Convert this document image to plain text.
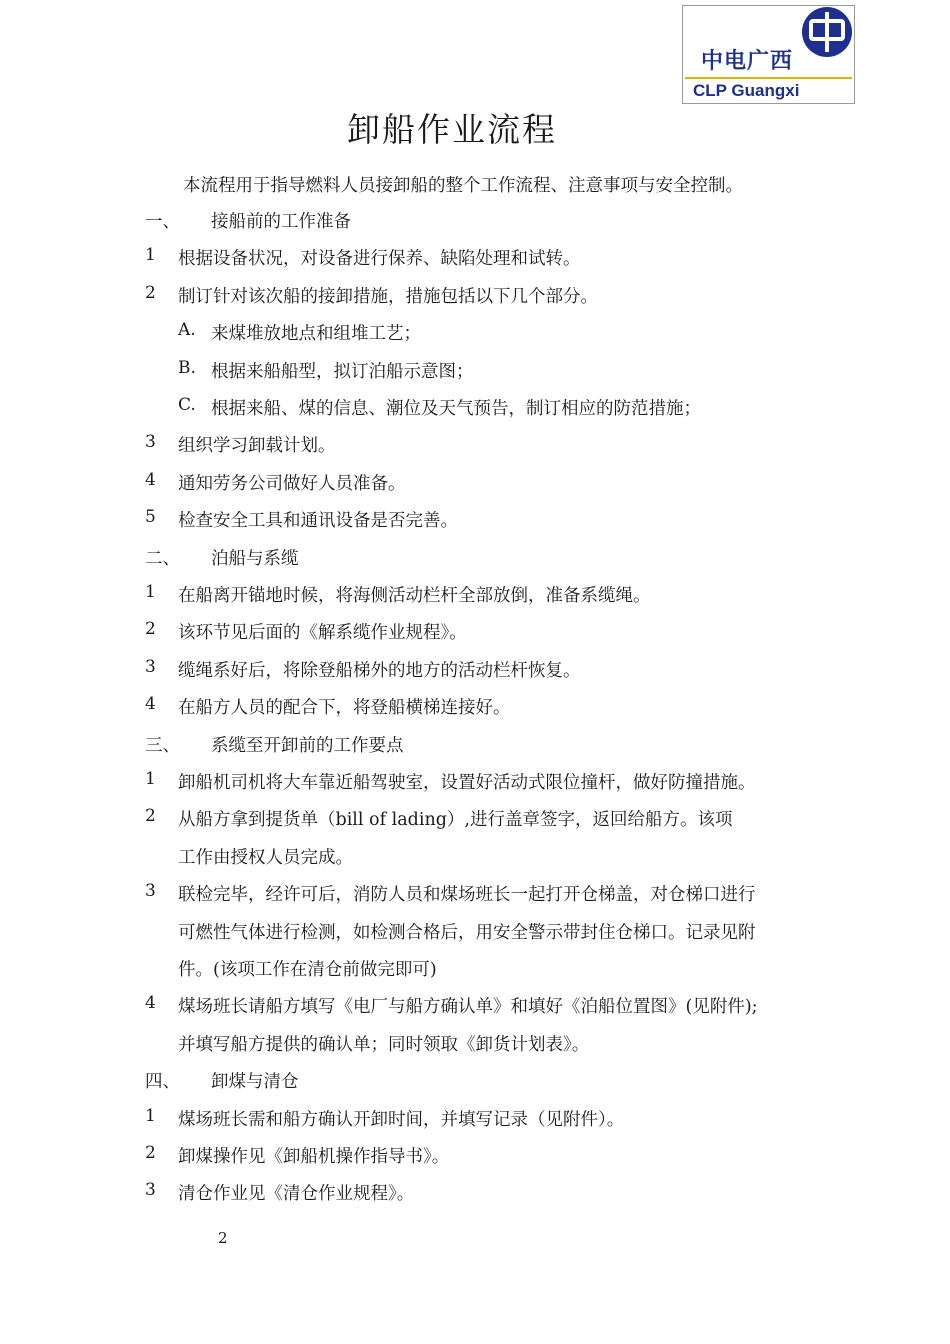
中电广西
CLP Guangxi
卸船作业流程
本流程用于指导燃料人员接卸船的整个工作流程、注意事项与安全控制。
一、 接船前的工作准备
1 根据设备状况，对设备进行保养、缺陷处理和试转。
2 制订针对该次船的接卸措施，措施包括以下几个部分。
A. 来煤堆放地点和组堆工艺；
B. 根据来船船型，拟订泊船示意图；
C. 根据来船、煤的信息、潮位及天气预告，制订相应的防范措施；
3 组织学习卸载计划。
4 通知劳务公司做好人员准备。
5 检查安全工具和通讯设备是否完善。
二、 泊船与系缆
1 在船离开锚地时候，将海侧活动栏杆全部放倒，准备系缆绳。
2 该环节见后面的《解系缆作业规程》。
3 缆绳系好后，将除登船梯外的地方的活动栏杆恢复。
4 在船方人员的配合下，将登船横梯连接好。
三、 系缆至开卸前的工作要点
1 卸船机司机将大车靠近船驾驶室，设置好活动式限位撞杆，做好防撞措施。
2 从船方拿到提货单（bill of lading）,进行盖章签字，返回给船方。该项
工作由授权人员完成。
3 联检完毕，经许可后，消防人员和煤场班长一起打开仓梯盖，对仓梯口进行
可燃性气体进行检测，如检测合格后，用安全警示带封住仓梯口。记录见附
件。(该项工作在清仓前做完即可)
4 煤场班长请船方填写《电厂与船方确认单》和填好《泊船位置图》(见附件);
并填写船方提供的确认单；同时领取《卸货计划表》。
四、 卸煤与清仓
1 煤场班长需和船方确认开卸时间，并填写记录（见附件）。
2 卸煤操作见《卸船机操作指导书》。
3 清仓作业见《清仓作业规程》。
2
